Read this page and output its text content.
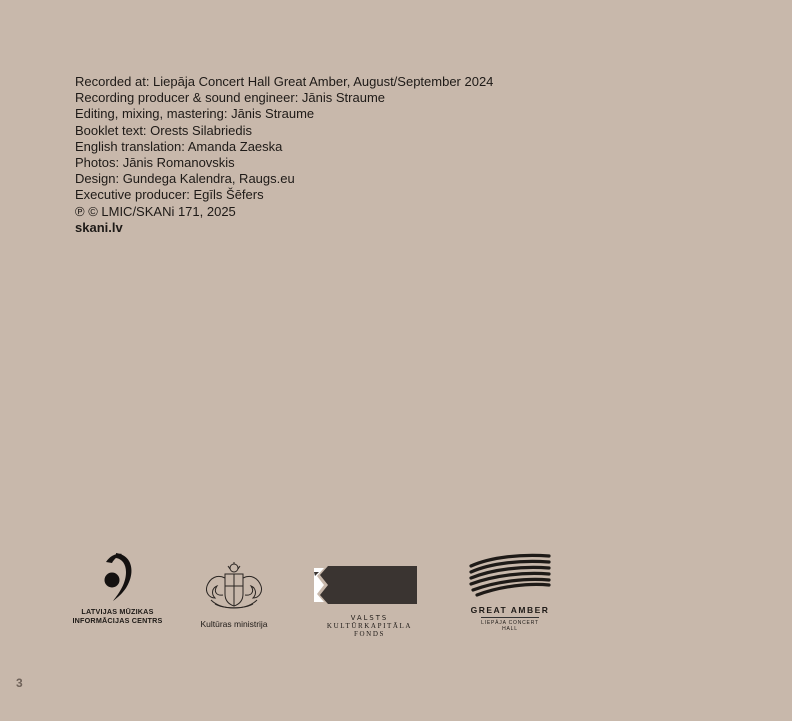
Recorded at: Liepāja Concert Hall Great Amber, August/September 2024
Recording producer & sound engineer: Jānis Straume
Editing, mixing, mastering: Jānis Straume
Booklet text: Orests Silabriedis
English translation: Amanda Zaeska
Photos: Jānis Romanovskis
Design: Gundega Kalendra, Raugs.eu
Executive producer: Egīls Šēfers
℗ © LMIC/SKANi 171, 2025
skani.lv
LATVIJAS MŪZIKAS
INFORMĀCIJAS CENTRS	Kultūras ministrija
VALSTS
KULTŪRKAPITĀLA FONDS
GREAT AMBER
LIEPĀJA CONCERT HALL
3
